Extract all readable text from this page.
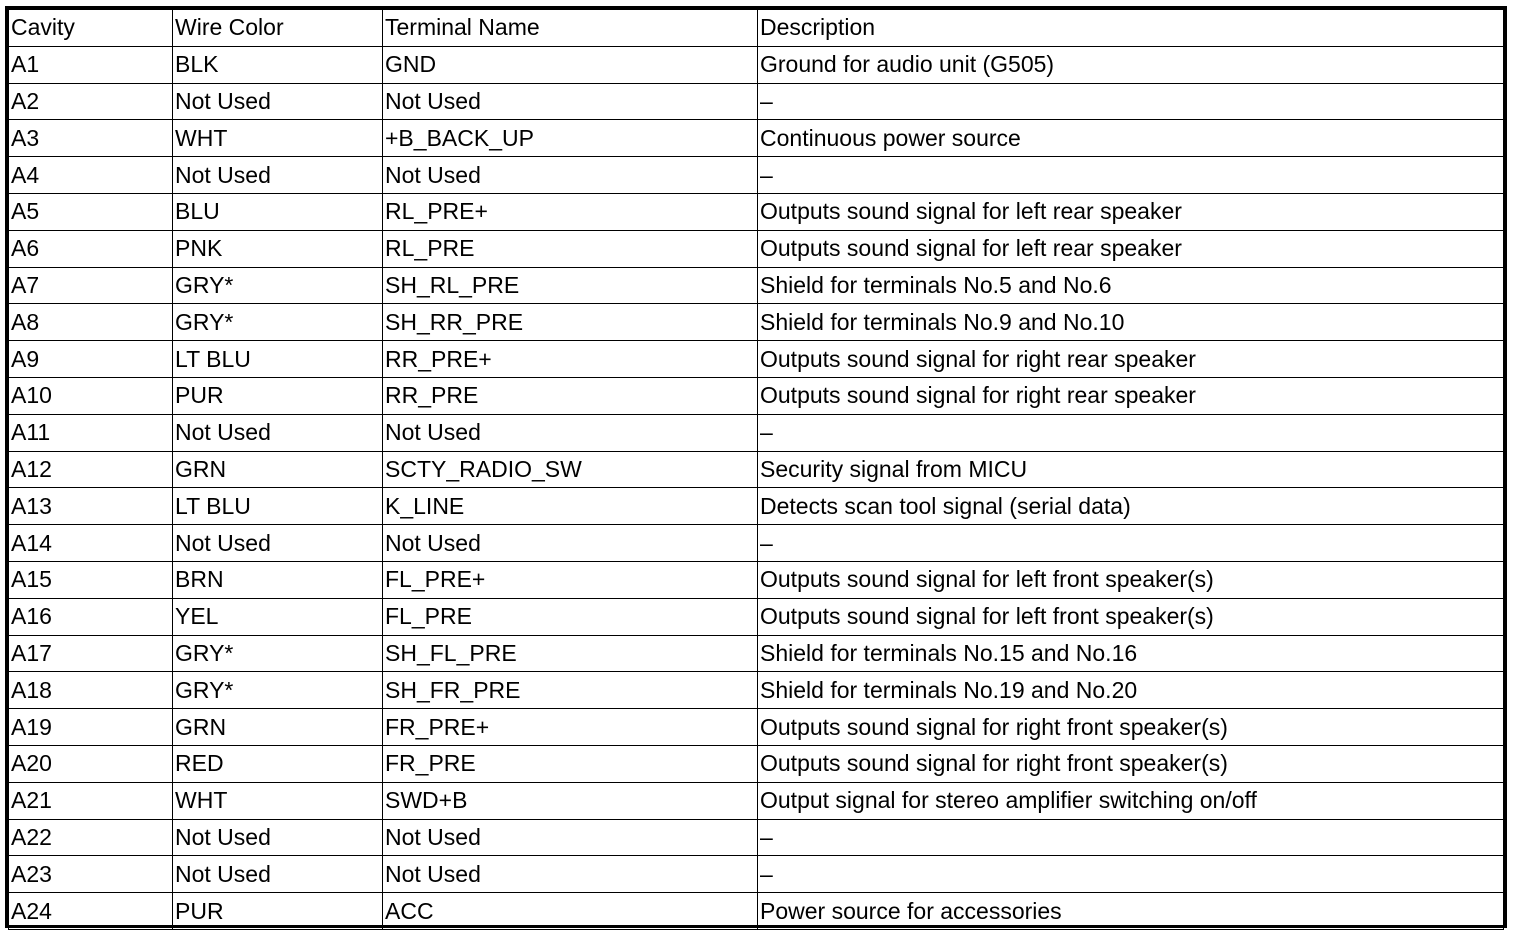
Cavity	Wire Color	Terminal Name	Description
A1	BLK	GND	Ground for audio unit (G505)
A2	Not Used	Not Used	–
A3	WHT	+B_BACK_UP	Continuous power source
A4	Not Used	Not Used	–
A5	BLU	RL_PRE+	Outputs sound signal for left rear speaker
A6	PNK	RL_PRE	Outputs sound signal for left rear speaker
A7	GRY*	SH_RL_PRE	Shield for terminals No.5 and No.6
A8	GRY*	SH_RR_PRE	Shield for terminals No.9 and No.10
A9	LT BLU	RR_PRE+	Outputs sound signal for right rear speaker
A10	PUR	RR_PRE	Outputs sound signal for right rear speaker
A11	Not Used	Not Used	–
A12	GRN	SCTY_RADIO_SW	Security signal from MICU
A13	LT BLU	K_LINE	Detects scan tool signal (serial data)
A14	Not Used	Not Used	–
A15	BRN	FL_PRE+	Outputs sound signal for left front speaker(s)
A16	YEL	FL_PRE	Outputs sound signal for left front speaker(s)
A17	GRY*	SH_FL_PRE	Shield for terminals No.15 and No.16
A18	GRY*	SH_FR_PRE	Shield for terminals No.19 and No.20
A19	GRN	FR_PRE+	Outputs sound signal for right front speaker(s)
A20	RED	FR_PRE	Outputs sound signal for right front speaker(s)
A21	WHT	SWD+B	Output signal for stereo amplifier switching on/off
A22	Not Used	Not Used	–
A23	Not Used	Not Used	–
A24	PUR	ACC	Power source for accessories
